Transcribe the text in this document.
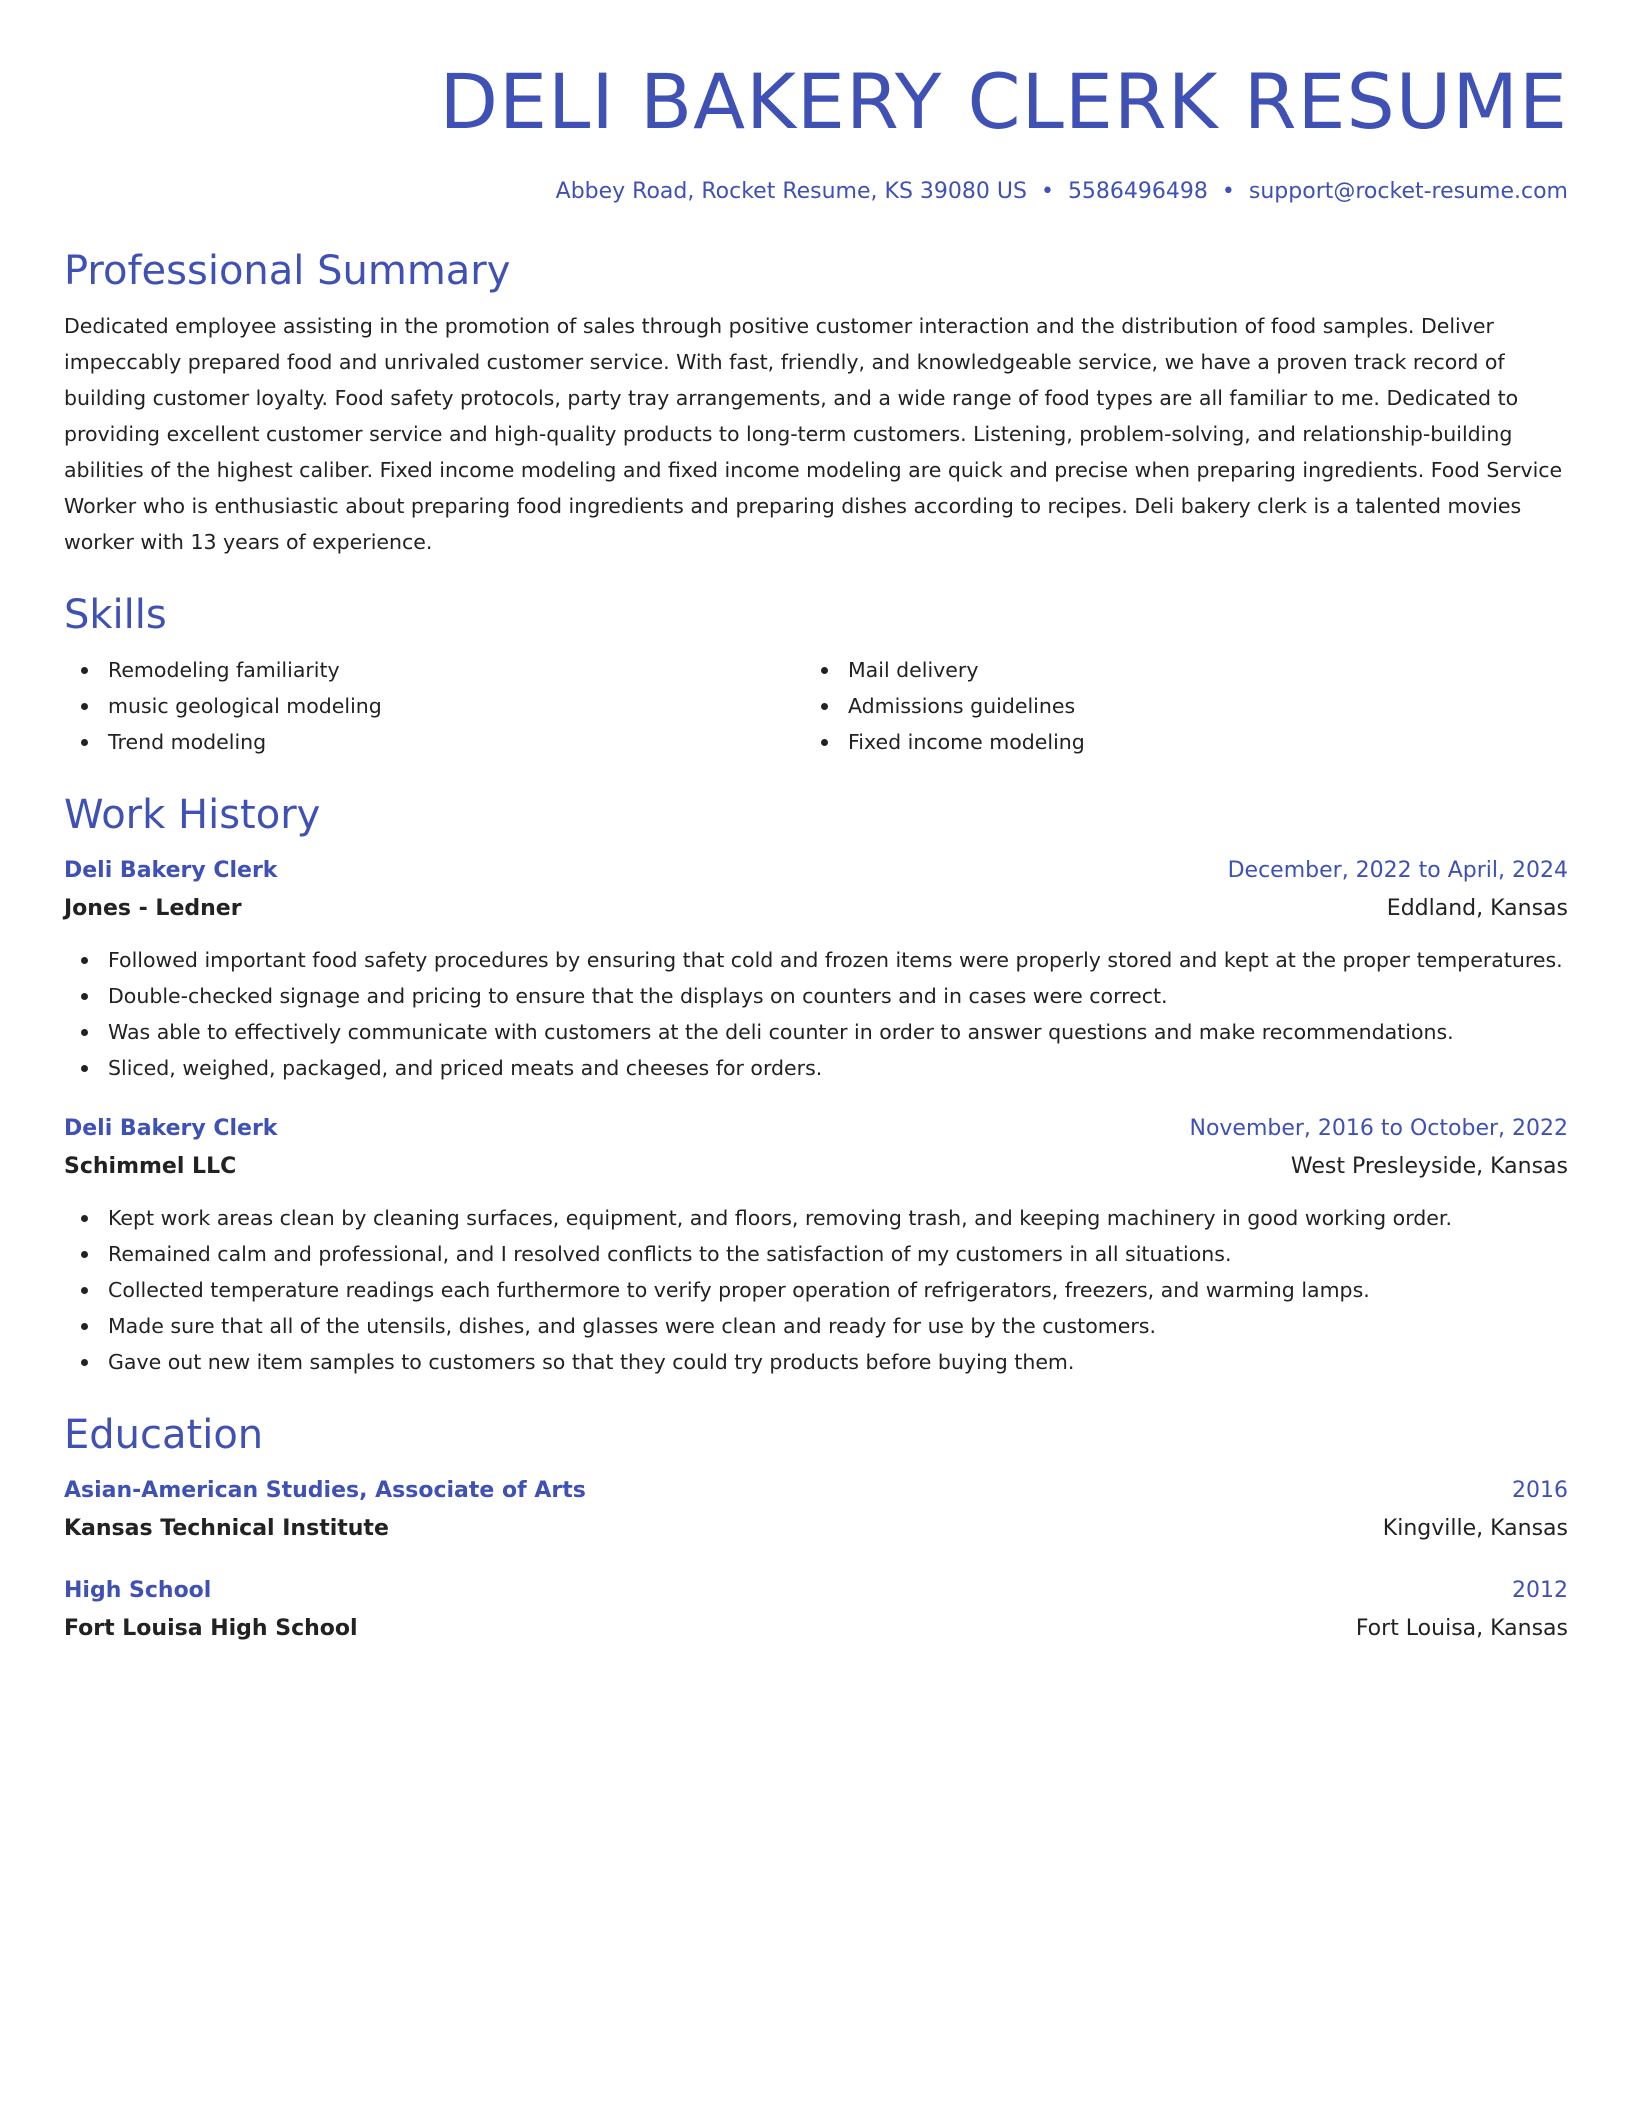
DELI BAKERY CLERK RESUME
Abbey Road, Rocket Resume, KS 39080 US • 5586496498 • support@rocket-resume.com
Professional Summary

Dedicated employee assisting in the promotion of sales through positive customer interaction and the distribution of food samples. Deliver impeccably prepared food and unrivaled customer service. With fast, friendly, and knowledgeable service, we have a proven track record of building customer loyalty. Food safety protocols, party tray arrangements, and a wide range of food types are all familiar to me. Dedicated to providing excellent customer service and high-quality products to long-term customers. Listening, problem-solving, and relationship-building abilities of the highest caliber. Fixed income modeling and fixed income modeling are quick and precise when preparing ingredients. Food Service Worker who is enthusiastic about preparing food ingredients and preparing dishes according to recipes. Deli bakery clerk is a talented movies worker with 13 years of experience.

Skills
Remodeling familiarity
music geological modeling
Trend modeling
Mail delivery
Admissions guidelines
Fixed income modeling
Work History
Deli Bakery Clerk	December, 2022 to April, 2024
Jones - Ledner	Eddland, Kansas
Followed important food safety procedures by ensuring that cold and frozen items were properly stored and kept at the proper temperatures.
Double-checked signage and pricing to ensure that the displays on counters and in cases were correct.
Was able to effectively communicate with customers at the deli counter in order to answer questions and make recommendations.
Sliced, weighed, packaged, and priced meats and cheeses for orders.
Deli Bakery Clerk	November, 2016 to October, 2022
Schimmel LLC	West Presleyside, Kansas
Kept work areas clean by cleaning surfaces, equipment, and floors, removing trash, and keeping machinery in good working order.
Remained calm and professional, and I resolved conflicts to the satisfaction of my customers in all situations.
Collected temperature readings each furthermore to verify proper operation of refrigerators, freezers, and warming lamps.
Made sure that all of the utensils, dishes, and glasses were clean and ready for use by the customers.
Gave out new item samples to customers so that they could try products before buying them.
Education
Asian-American Studies, Associate of Arts	2016
Kansas Technical Institute	Kingville, Kansas
High School	2012
Fort Louisa High School	Fort Louisa, Kansas
